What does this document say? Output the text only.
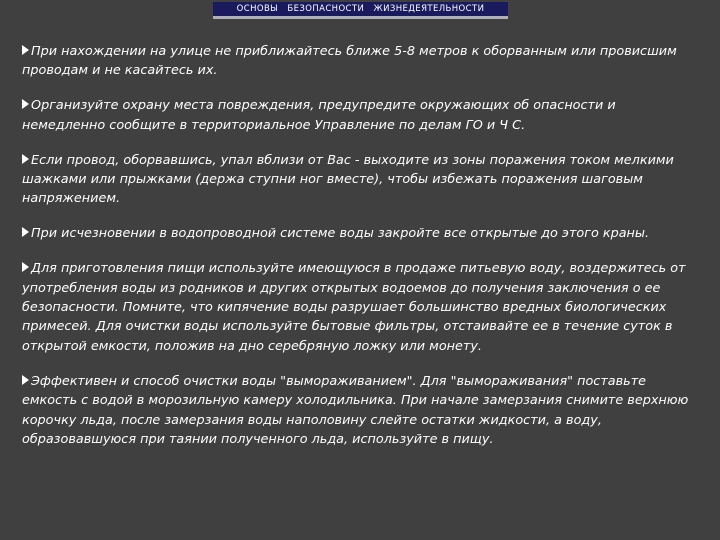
ОСНОВЫ   БЕЗОПАСНОСТИ   ЖИЗНЕДЕЯТЕЛЬНОСТИ

При нахождении на улице не приближайтесь ближе 5-8 метров к оборванным или провисшим проводам и не касайтесь их.

Организуйте охрану места повреждения, предупредите окружающих об опасности и немедленно сообщите в территориальное Управление по делам ГО и Ч С.

Если провод, оборвавшись, упал вблизи от Вас - выходите из зоны поражения током мелкими шажками или прыжками (держа ступни ног вместе), чтобы избежать поражения шаговым напряжением.

При исчезновении в водопроводной системе воды закройте все открытые до этого краны.

Для приготовления пищи используйте имеющуюся в продаже питьевую воду, воздержитесь от употребления воды из родников и других открытых водоемов до получения заключения о ее безопасности. Помните, что кипячение воды разрушает большинство вредных биологических примесей. Для очистки воды используйте бытовые фильтры, отстаивайте ее в течение суток в открытой емкости, положив на дно серебряную ложку или монету.

Эффективен и способ очистки воды "вымораживанием". Для "вымораживания" поставьте емкость с водой в морозильную камеру холодильника. При начале замерзания снимите верхнюю корочку льда, после замерзания воды наполовину слейте остатки жидкости, а воду, образовавшуюся при таянии полученного льда, используйте в пищу.
